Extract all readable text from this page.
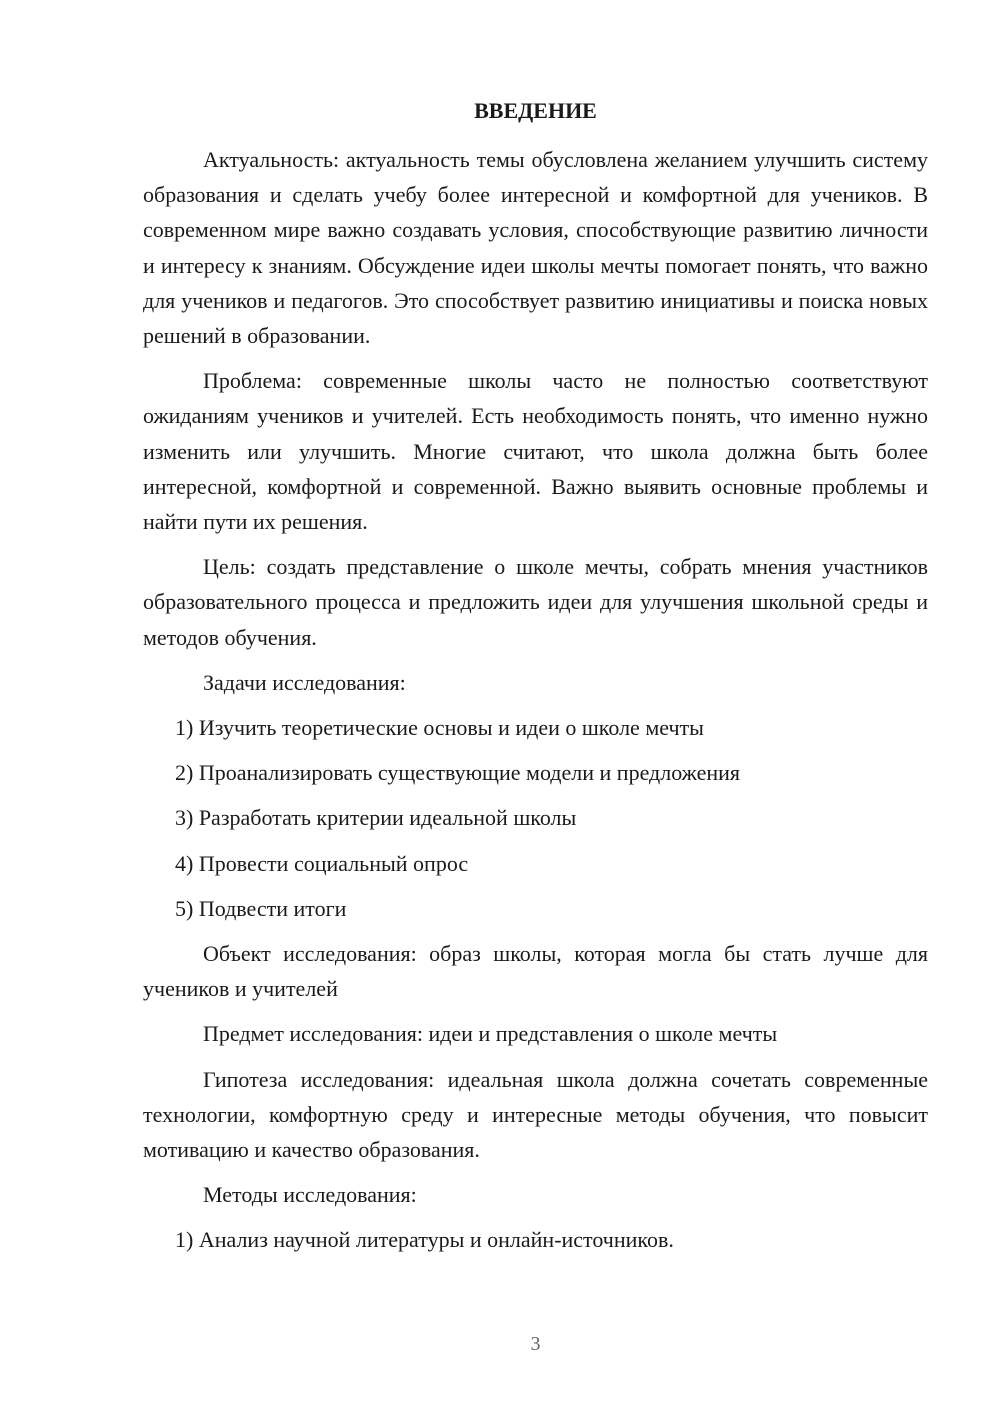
ВВЕДЕНИЕ

Актуальность: актуальность темы обусловлена желанием улучшить систему образования и сделать учебу более интересной и комфортной для учеников. В современном мире важно создавать условия, способствующие развитию личности и интересу к знаниям. Обсуждение идеи школы мечты помогает понять, что важно для учеников и педагогов. Это способствует развитию инициативы и поиска новых решений в образовании.

Проблема: современные школы часто не полностью соответствуют ожиданиям учеников и учителей. Есть необходимость понять, что именно нужно изменить или улучшить. Многие считают, что школа должна быть более интересной, комфортной и современной. Важно выявить основные проблемы и найти пути их решения.

Цель: создать представление о школе мечты, собрать мнения участников образовательного процесса и предложить идеи для улучшения школьной среды и методов обучения.

Задачи исследования:

1) Изучить теоретические основы и идеи о школе мечты
2) Проанализировать существующие модели и предложения
3) Разработать критерии идеальной школы
4) Провести социальный опрос
5) Подвести итоги

Объект исследования: образ школы, которая могла бы стать лучше для учеников и учителей

Предмет исследования: идеи и представления о школе мечты

Гипотеза исследования: идеальная школа должна сочетать современные технологии, комфортную среду и интересные методы обучения, что повысит мотивацию и качество образования.

Методы исследования:

1) Анализ научной литературы и онлайн-источников.
3
